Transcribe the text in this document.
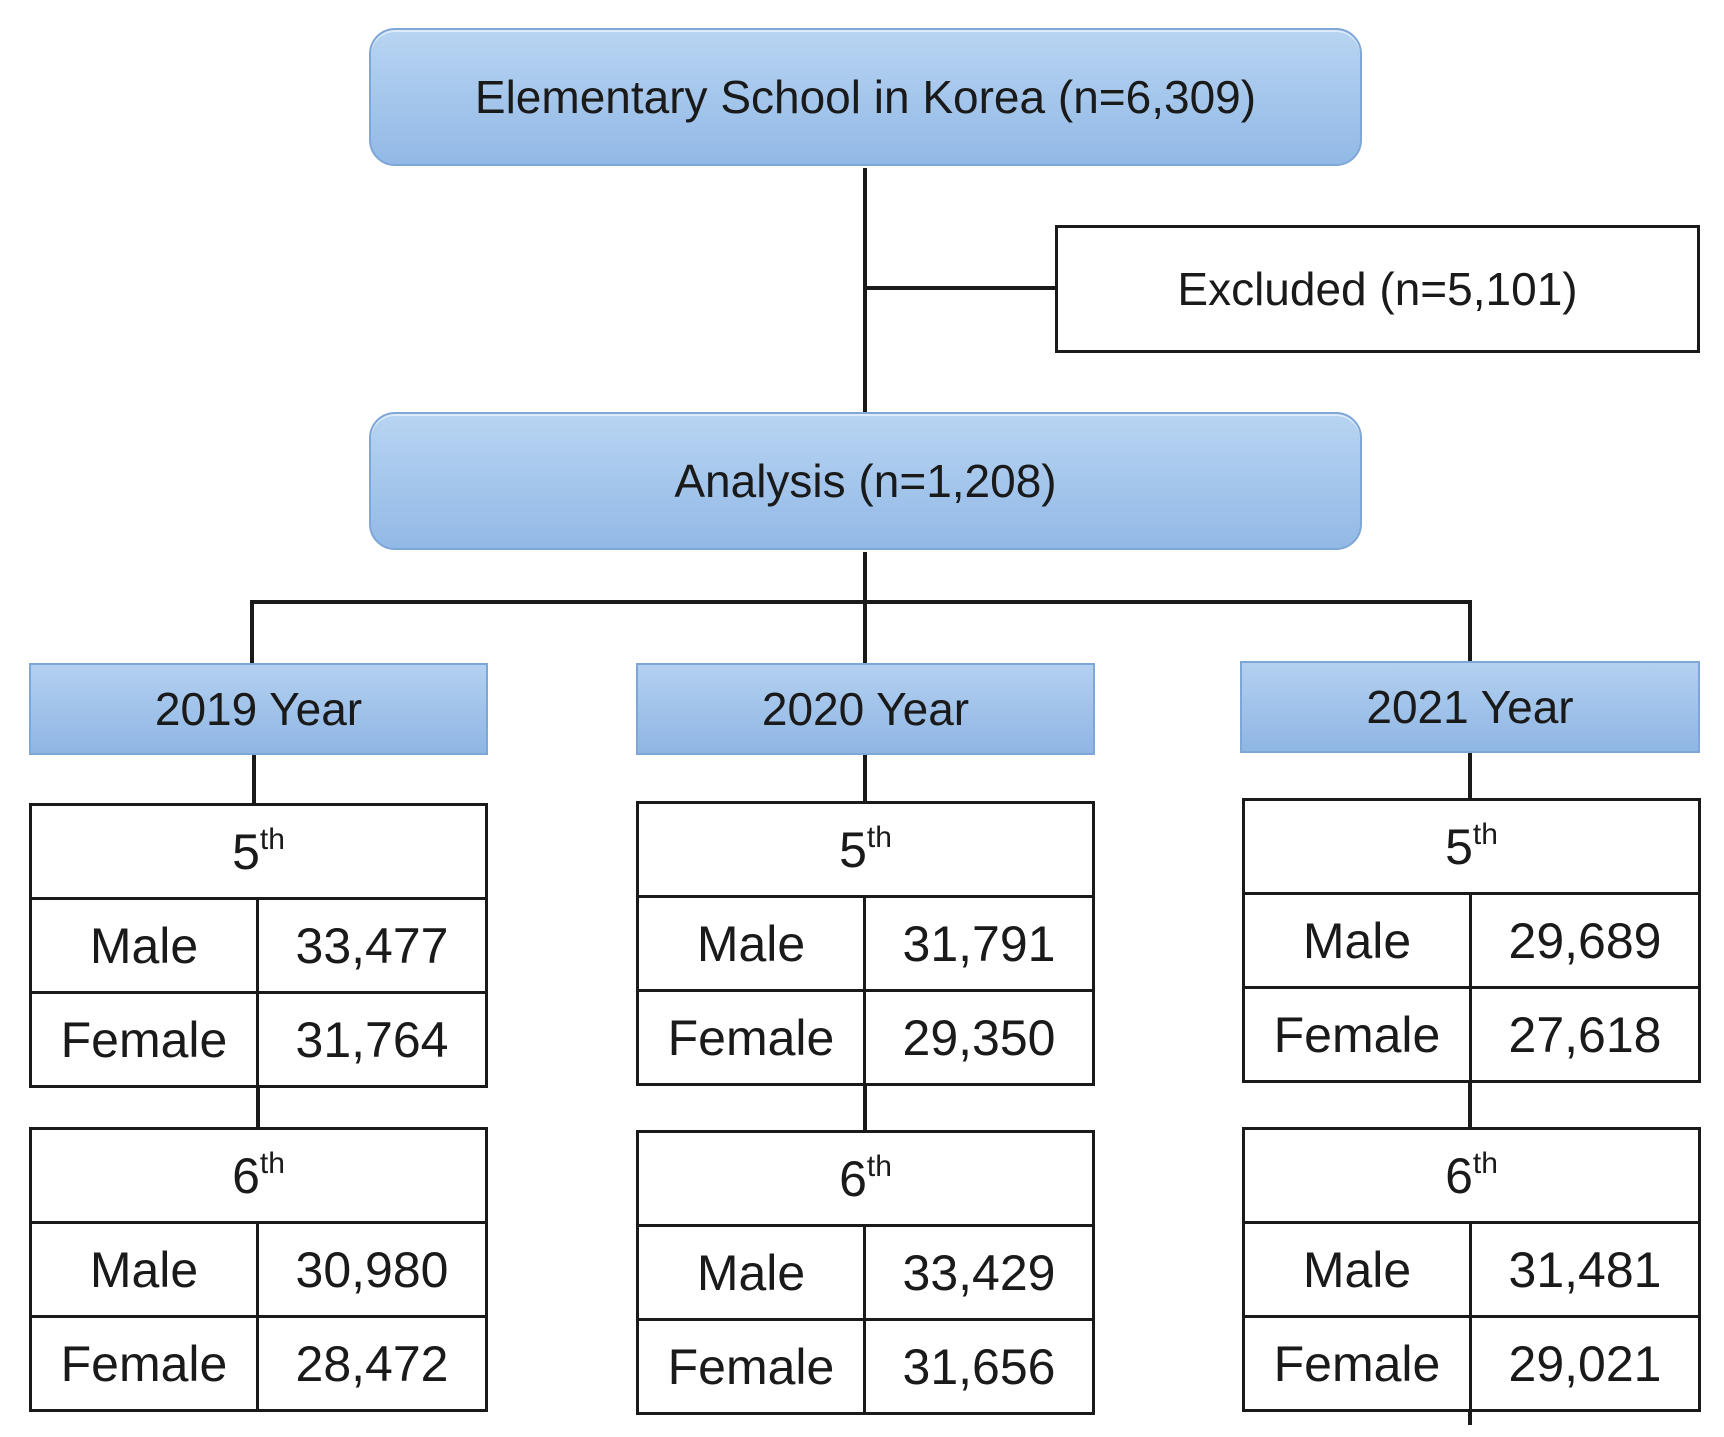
Elementary School in Korea (n=6,309)
Excluded (n=5,101)
Analysis (n=1,208)
2019 Year	2020 Year	2021 Year
5th
Male	33,477
Female	31,764
6th
Male	30,980
Female	28,472
5th
Male	31,791
Female	29,350
6th
Male	33,429
Female	31,656
5th
Male	29,689
Female	27,618
6th
Male	31,481
Female	29,021
